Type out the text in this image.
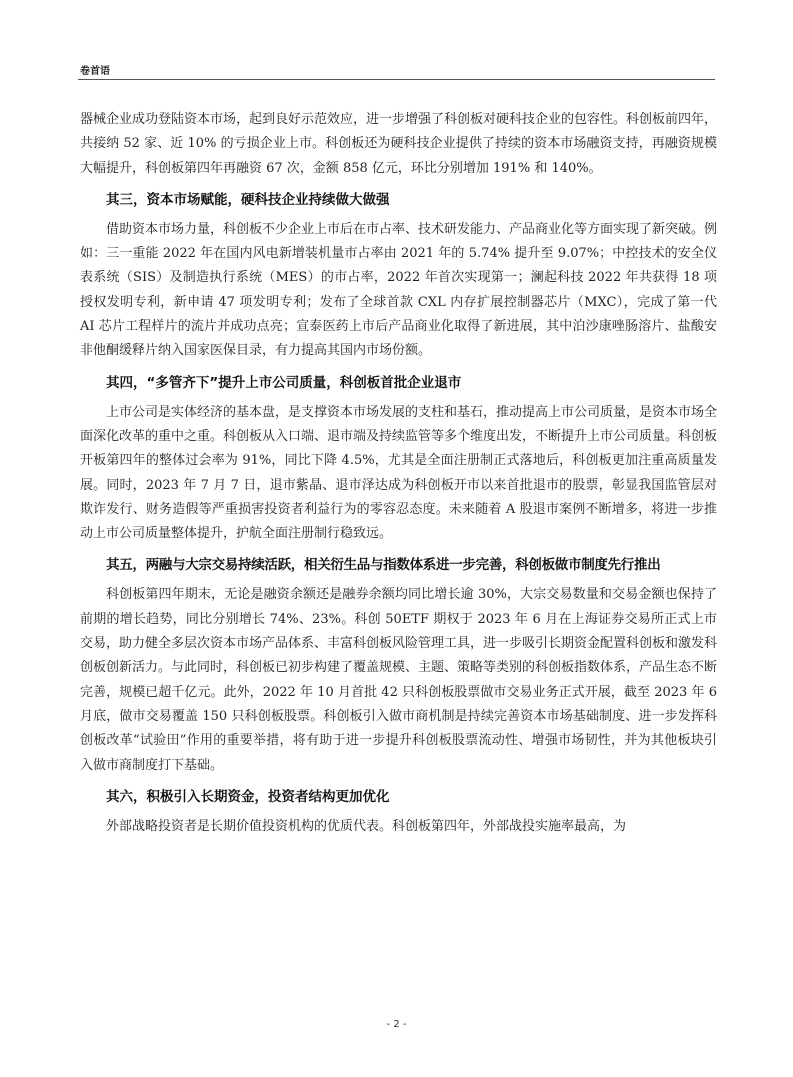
卷首语

器械企业成功登陆资本市场，起到良好示范效应，进一步增强了科创板对硬科技企业的包容性。科创板前四年，共接纳 52 家、近 10% 的亏损企业上市。科创板还为硬科技企业提供了持续的资本市场融资支持，再融资规模大幅提升，科创板第四年再融资 67 次，金额 858 亿元，环比分别增加 191% 和 140%。

其三，资本市场赋能，硬科技企业持续做大做强

借助资本市场力量，科创板不少企业上市后在市占率、技术研发能力、产品商业化等方面实现了新突破。例如：三一重能 2022 年在国内风电新增装机量市占率由 2021 年的 5.74% 提升至 9.07%；中控技术的安全仪表系统（SIS）及制造执行系统（MES）的市占率，2022 年首次实现第一；澜起科技 2022 年共获得 18 项授权发明专利，新申请 47 项发明专利；发布了全球首款 CXL 内存扩展控制器芯片（MXC），完成了第一代 AI 芯片工程样片的流片并成功点亮；宣泰医药上市后产品商业化取得了新进展，其中泊沙康唑肠溶片、盐酸安非他酮缓释片纳入国家医保目录，有力提高其国内市场份额。

其四，“多管齐下”提升上市公司质量，科创板首批企业退市

上市公司是实体经济的基本盘，是支撑资本市场发展的支柱和基石，推动提高上市公司质量，是资本市场全面深化改革的重中之重。科创板从入口端、退市端及持续监管等多个维度出发，不断提升上市公司质量。科创板开板第四年的整体过会率为 91%，同比下降 4.5%，尤其是全面注册制正式落地后，科创板更加注重高质量发展。同时，2023 年 7 月 7 日，退市紫晶、退市泽达成为科创板开市以来首批退市的股票，彰显我国监管层对欺诈发行、财务造假等严重损害投资者利益行为的零容忍态度。未来随着 A 股退市案例不断增多，将进一步推动上市公司质量整体提升，护航全面注册制行稳致远。

其五，两融与大宗交易持续活跃，相关衍生品与指数体系进一步完善，科创板做市制度先行推出

科创板第四年期末，无论是融资余额还是融券余额均同比增长逾 30%，大宗交易数量和交易金额也保持了前期的增长趋势，同比分别增长 74%、23%。科创 50ETF 期权于 2023 年 6 月在上海证券交易所正式上市交易，助力健全多层次资本市场产品体系、丰富科创板风险管理工具，进一步吸引长期资金配置科创板和激发科创板创新活力。与此同时，科创板已初步构建了覆盖规模、主题、策略等类别的科创板指数体系，产品生态不断完善，规模已超千亿元。此外，2022 年 10 月首批 42 只科创板股票做市交易业务正式开展，截至 2023 年 6 月底，做市交易覆盖 150 只科创板股票。科创板引入做市商机制是持续完善资本市场基础制度、进一步发挥科创板改革“试验田”作用的重要举措，将有助于进一步提升科创板股票流动性、增强市场韧性，并为其他板块引入做市商制度打下基础。

其六，积极引入长期资金，投资者结构更加优化

外部战略投资者是长期价值投资机构的优质代表。科创板第四年，外部战投实施率最高，为

- 2 -
